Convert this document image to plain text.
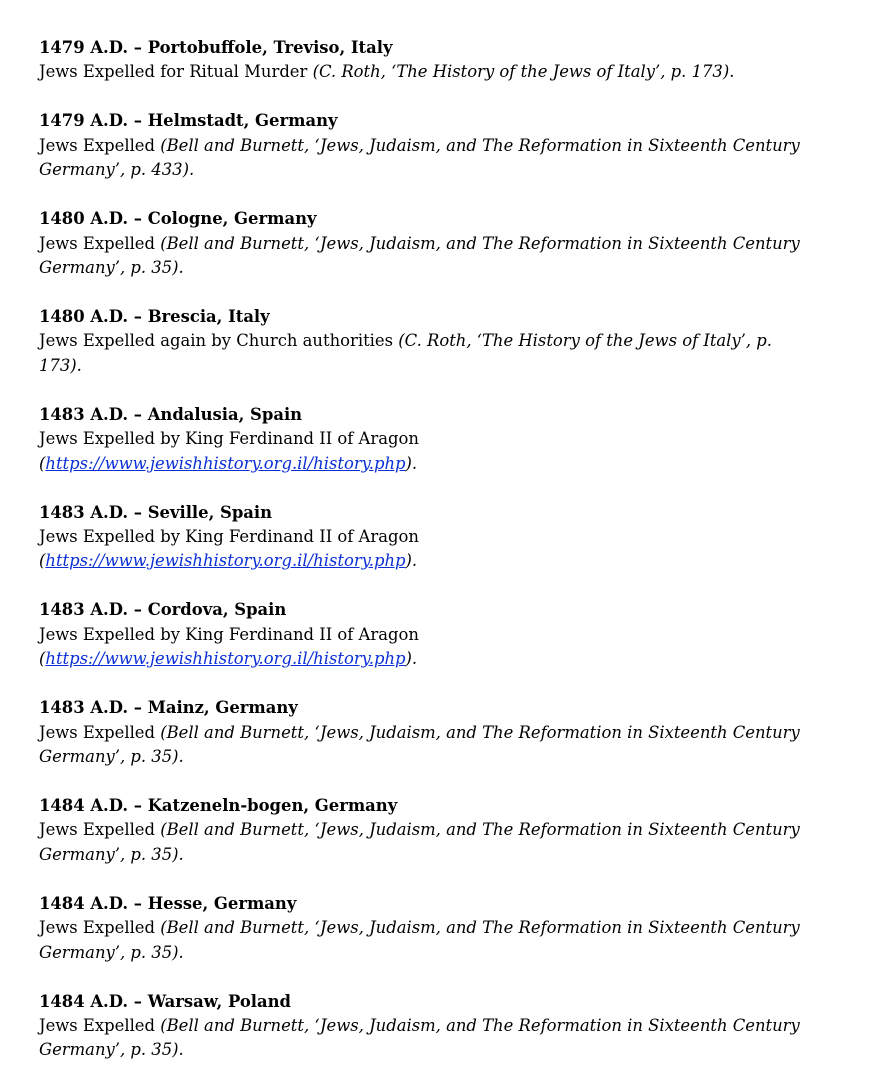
1479 A.D. – Portobuffole, Treviso, Italy
Jews Expelled for Ritual Murder (C. Roth, ‘The History of the Jews of Italy’, p. 173).
1479 A.D. – Helmstadt, Germany
Jews Expelled (Bell and Burnett, ‘Jews, Judaism, and The Reformation in Sixteenth Century
Germany’, p. 433).
1480 A.D. – Cologne, Germany
Jews Expelled (Bell and Burnett, ‘Jews, Judaism, and The Reformation in Sixteenth Century
Germany’, p. 35).
1480 A.D. – Brescia, Italy
Jews Expelled again by Church authorities (C. Roth, ‘The History of the Jews of Italy’, p.
173).
1483 A.D. – Andalusia, Spain
Jews Expelled by King Ferdinand II of Aragon
(https://www.jewishhistory.org.il/history.php).
1483 A.D. – Seville, Spain
Jews Expelled by King Ferdinand II of Aragon
(https://www.jewishhistory.org.il/history.php).
1483 A.D. – Cordova, Spain
Jews Expelled by King Ferdinand II of Aragon
(https://www.jewishhistory.org.il/history.php).
1483 A.D. – Mainz, Germany
Jews Expelled (Bell and Burnett, ‘Jews, Judaism, and The Reformation in Sixteenth Century
Germany’, p. 35).
1484 A.D. – Katzeneln-bogen, Germany
Jews Expelled (Bell and Burnett, ‘Jews, Judaism, and The Reformation in Sixteenth Century
Germany’, p. 35).
1484 A.D. – Hesse, Germany
Jews Expelled (Bell and Burnett, ‘Jews, Judaism, and The Reformation in Sixteenth Century
Germany’, p. 35).
1484 A.D. – Warsaw, Poland
Jews Expelled (Bell and Burnett, ‘Jews, Judaism, and The Reformation in Sixteenth Century
Germany’, p. 35).
